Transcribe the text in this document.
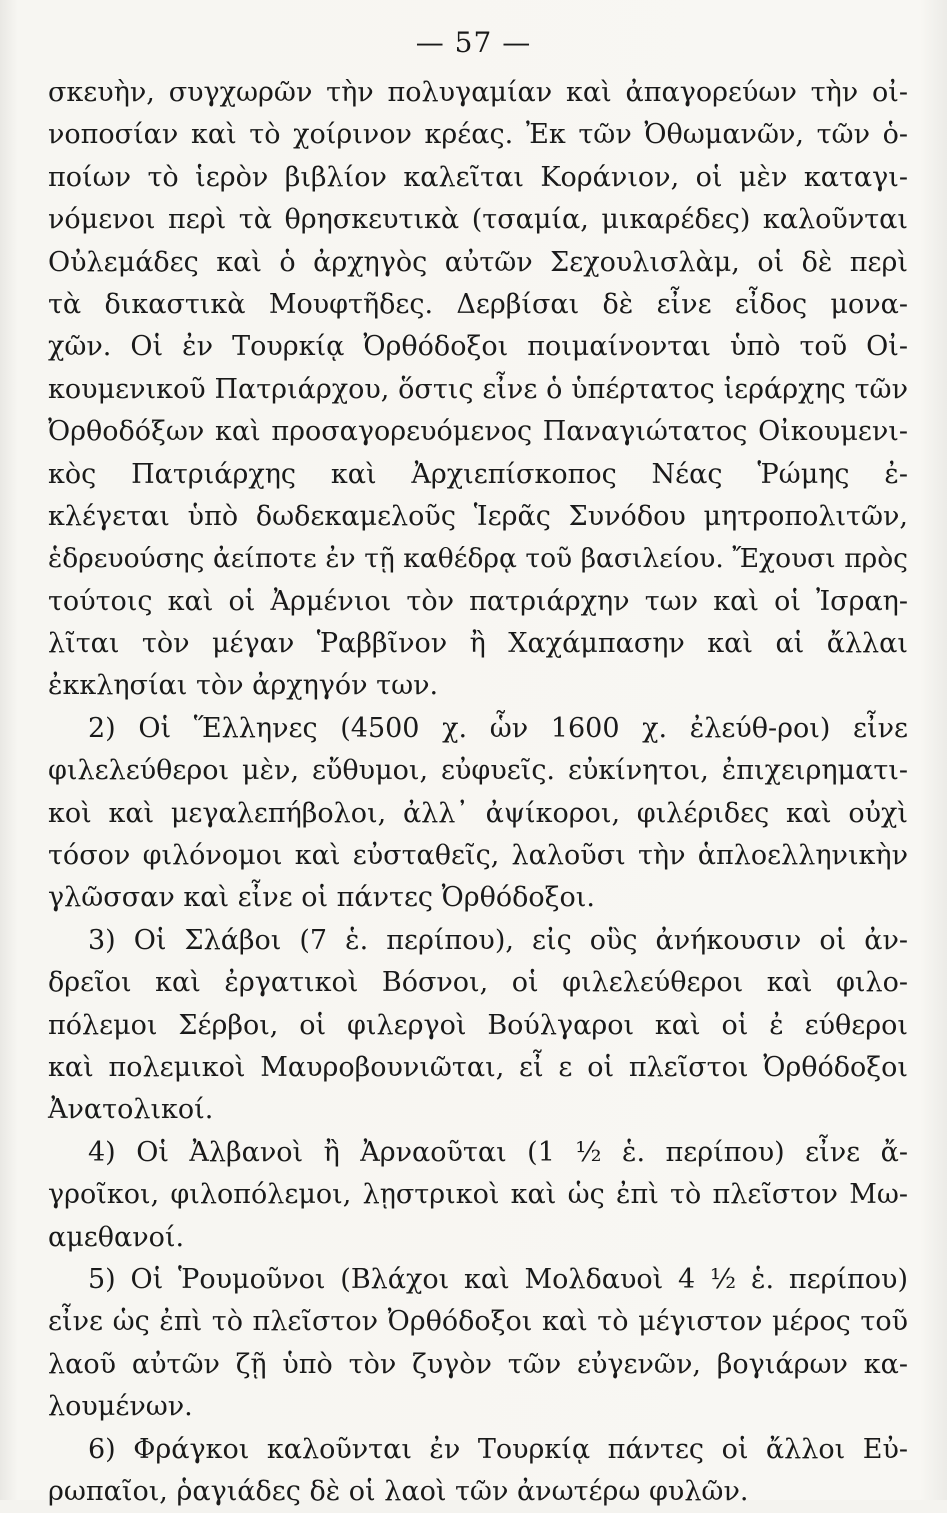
— 57 —
σκευὴν, συγχωρῶν τὴν πολυγαμίαν καὶ ἀπαγορεύων τὴν οἰ-
νοποσίαν καὶ τὸ χοίρινον κρέας. Ἐκ τῶν Ὀθωμανῶν, τῶν ὁ-
ποίων τὸ ἱερὸν βιβλίον καλεῖται Κοράνιον, οἱ μὲν καταγι-
νόμενοι περὶ τὰ θρησκευτικὰ (τσαμία, μικαρέδες) καλοῦνται
Οὐλεμάδες καὶ ὁ ἀρχηγὸς αὐτῶν Σεχουλισλὰμ, οἱ δὲ περὶ
τὰ δικαστικὰ Μουφτῆδες. Δερβίσαι δὲ εἶνε εἶδος μονα-
χῶν. Οἱ ἐν Τουρκίᾳ Ὀρθόδοξοι ποιμαίνονται ὑπὸ τοῦ Οἰ-
κουμενικοῦ Πατριάρχου, ὅστις εἶνε ὁ ὑπέρτατος ἱεράρχης τῶν
Ὀρθοδόξων καὶ προσαγορευόμενος Παναγιώτατος Οἰκουμενι-
κὸς Πατριάρχης καὶ Ἀρχιεπίσκοπος Νέας Ῥώμης ἐ-
κλέγεται ὑπὸ δωδεκαμελοῦς Ἱερᾶς Συνόδου μητροπολιτῶν,
ἑδρευούσης ἀείποτε ἐν τῇ καθέδρᾳ τοῦ βασιλείου. Ἔχουσι πρὸς
τούτοις καὶ οἱ Ἀρμένιοι τὸν πατριάρχην των καὶ οἱ Ἰσραη-
λῖται τὸν μέγαν Ῥαββῖνον ἢ Χαχάμπασην καὶ αἱ ἄλλαι
ἐκκλησίαι τὸν ἀρχηγόν των.
2) Οἱ Ἕλληνες (4500 χ. ὧν 1600 χ. ἐλεύθ-ροι) εἶνε
φιλελεύθεροι μὲν, εὔθυμοι, εὐφυεῖς. εὐκίνητοι, ἐπιχειρηματι-
κοὶ καὶ μεγαλεπήβολοι, ἀλλ᾽ ἀψίκοροι, φιλέριδες καὶ οὐχὶ
τόσον φιλόνομοι καὶ εὐσταθεῖς, λαλοῦσι τὴν ἁπλοελληνικὴν
γλῶσσαν καὶ εἶνε οἱ πάντες Ὀρθόδοξοι.
3) Οἱ Σλάβοι (7 ἑ. περίπου), εἰς οὓς ἀνήκουσιν οἱ ἀν-
δρεῖοι καὶ ἐργατικοὶ Βόσνοι, οἱ φιλελεύθεροι καὶ φιλο-
πόλεμοι Σέρβοι, οἱ φιλεργοὶ Βούλγαροι καὶ οἱ ἐ εύθεροι
καὶ πολεμικοὶ Μαυροβουνιῶται, εἶ ε οἱ πλεῖστοι Ὀρθόδοξοι
Ἀνατολικοί.
4) Οἱ Ἀλβανοὶ ἢ Ἀρναοῦται (1 ½ ἑ. περίπου) εἶνε ἄ-
γροῖκοι, φιλοπόλεμοι, λῃστρικοὶ καὶ ὡς ἐπὶ τὸ πλεῖστον Μω-
αμεθανοί.
5) Οἱ Ῥουμοῦνοι (Βλάχοι καὶ Μολδαυοὶ 4 ½ ἑ. περίπου)
εἶνε ὡς ἐπὶ τὸ πλεῖστον Ὀρθόδοξοι καὶ τὸ μέγιστον μέρος τοῦ
λαοῦ αὐτῶν ζῇ ὑπὸ τὸν ζυγὸν τῶν εὐγενῶν, βογιάρων κα-
λουμένων.
6) Φράγκοι καλοῦνται ἐν Τουρκίᾳ πάντες οἱ ἄλλοι Εὐ-
ρωπαῖοι, ῥαγιάδες δὲ οἱ λαοὶ τῶν ἀνωτέρω φυλῶν.
